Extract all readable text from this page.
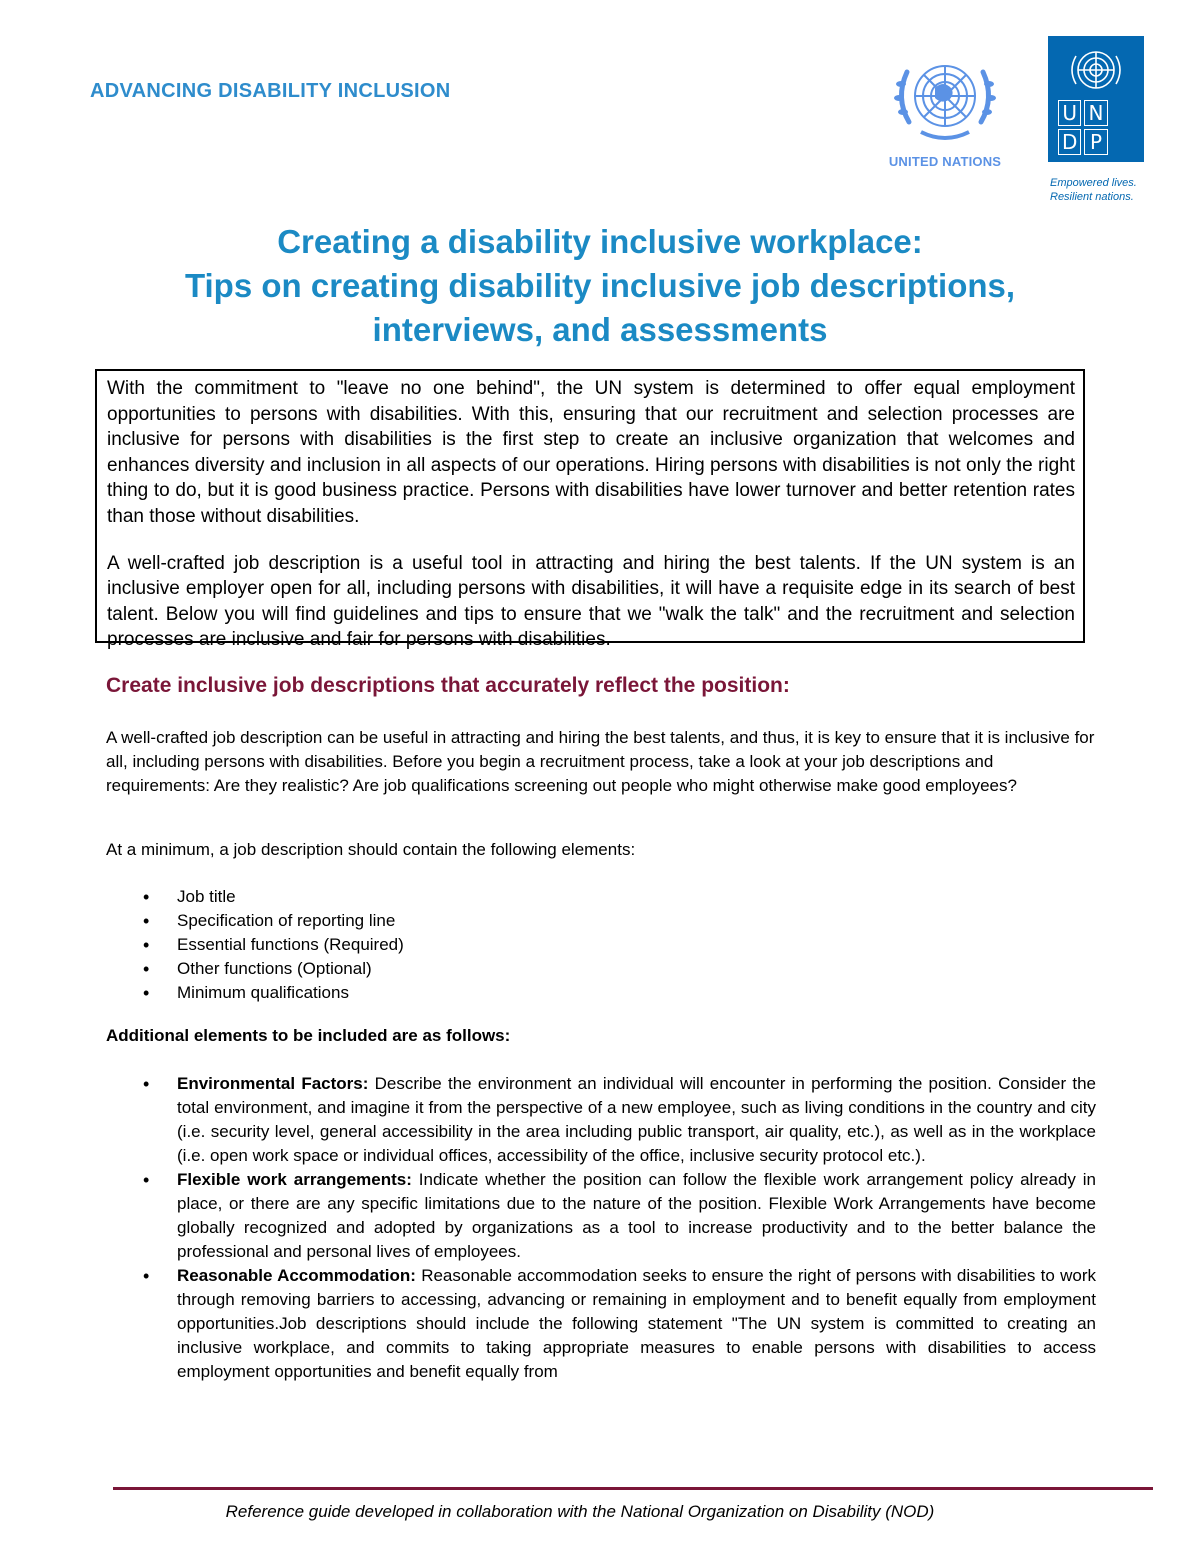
ADVANCING DISABILITY INCLUSION
UNITED NATIONS
U N
D P
Empowered lives.
Resilient nations.
Creating a disability inclusive workplace:
Tips on creating disability inclusive job descriptions,
interviews, and assessments

With the commitment to "leave no one behind", the UN system is determined to offer equal employment opportunities to persons with disabilities. With this, ensuring that our recruitment and selection processes are inclusive for persons with disabilities is the first step to create an inclusive organization that welcomes and enhances diversity and inclusion in all aspects of our operations. Hiring persons with disabilities is not only the right thing to do, but it is good business practice. Persons with disabilities have lower turnover and better retention rates than those without disabilities.

A well-crafted job description is a useful tool in attracting and hiring the best talents. If the UN system is an inclusive employer open for all, including persons with disabilities, it will have a requisite edge in its search of best talent. Below you will find guidelines and tips to ensure that we "walk the talk" and the recruitment and selection processes are inclusive and fair for persons with disabilities.

Create inclusive job descriptions that accurately reflect the position:

A well-crafted job description can be useful in attracting and hiring the best talents, and thus, it is key to ensure that it is inclusive for all, including persons with disabilities. Before you begin a recruitment process, take a look at your job descriptions and requirements: Are they realistic? Are job qualifications screening out people who might otherwise make good employees?

At a minimum, a job description should contain the following elements:

• Job title
• Specification of reporting line
• Essential functions (Required)
• Other functions (Optional)
• Minimum qualifications
Additional elements to be included are as follows:
• Environmental Factors: Describe the environment an individual will encounter in performing the position. Consider the total environment, and imagine it from the perspective of a new employee, such as living conditions in the country and city (i.e. security level, general accessibility in the area including public transport, air quality, etc.), as well as in the workplace (i.e. open work space or individual offices, accessibility of the office, inclusive security protocol etc.).
• Flexible work arrangements: Indicate whether the position can follow the flexible work arrangement policy already in place, or there are any specific limitations due to the nature of the position. Flexible Work Arrangements have become globally recognized and adopted by organizations as a tool to increase productivity and to the better balance the professional and personal lives of employees.
• Reasonable Accommodation: Reasonable accommodation seeks to ensure the right of persons with disabilities to work through removing barriers to accessing, advancing or remaining in employment and to benefit equally from employment opportunities.Job descriptions should include the following statement "The UN system is committed to creating an inclusive workplace, and commits to taking appropriate measures to enable persons with disabilities to access employment opportunities and benefit equally from
Reference guide developed in collaboration with the National Organization on Disability (NOD)
